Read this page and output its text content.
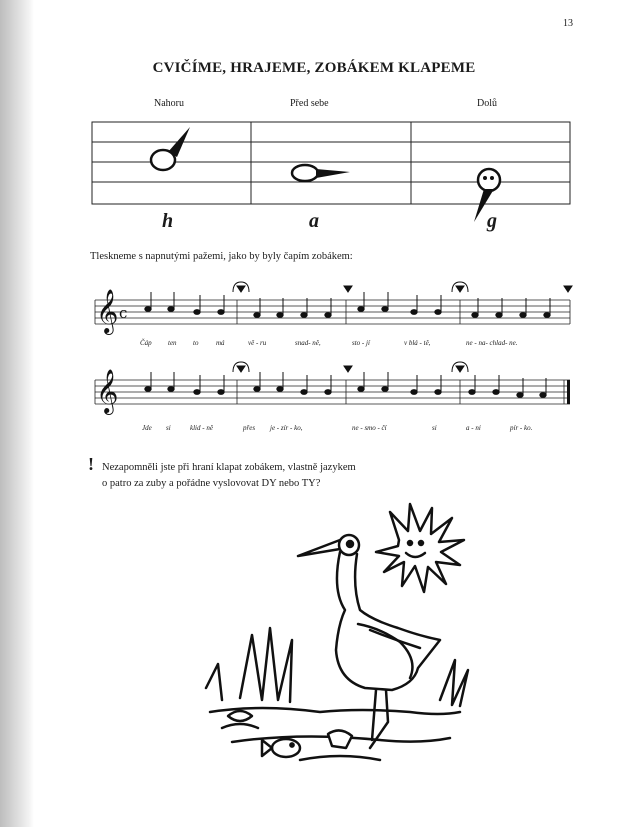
13
CVIČÍME, HRAJEME, ZOBÁKEM KLAPEME
Nahoru	Před sebe	Dolů
h	a	g
Tleskneme s napnutými pažemi, jako by byly čapím zobákem:
𝄞 c
Čáp ten to	má	vě - ru	snad- ně,	sto - jí	v blá - tě,	ne - na- chlad- ne.
𝄞
Jde si	klid - ně	přes je - zír - ko,	ne - smo - čí	si	a - ni	pír - ko.
! Nezapomněli jste při hraní klapat zobákem, vlastně jazykem
o patro za zuby a pořádne vyslovovat DY nebo TY?
